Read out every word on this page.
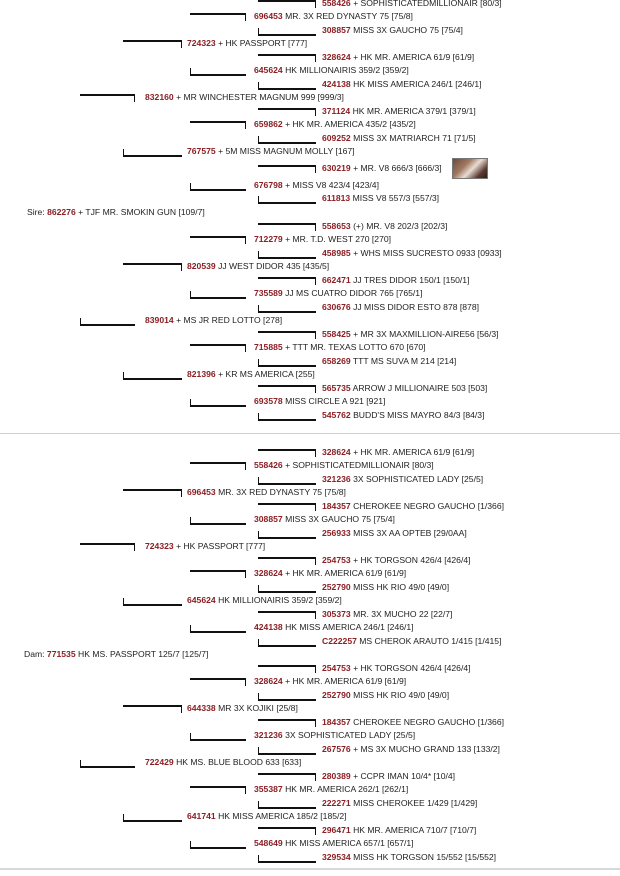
558426 + SOPHISTICATEDMILLIONAIR [80/3]
696453 MR. 3X RED DYNASTY 75 [75/8]
308857 MISS 3X GAUCHO 75 [75/4]
724323 + HK PASSPORT [777]
328624 + HK MR. AMERICA 61/9 [61/9]
645624 HK MILLIONAIRIS 359/2 [359/2]
424138 HK MISS AMERICA 246/1 [246/1]
832160 + MR WINCHESTER MAGNUM 999 [999/3]
371124 HK MR. AMERICA 379/1 [379/1]
659862 + HK MR. AMERICA 435/2 [435/2]
609252 MISS 3X MATRIARCH 71 [71/5]
767575 + 5M MISS MAGNUM MOLLY [167]
630219 + MR. V8 666/3 [666/3]
676798 + MISS V8 423/4 [423/4]
611813 MISS V8 557/3 [557/3]
Sire: 862276 + TJF MR. SMOKIN GUN [109/7]
558653 (+) MR. V8 202/3 [202/3]
712279 + MR. T.D. WEST 270 [270]
458985 + WHS MISS SUCRESTO 0933 [0933]
820539 JJ WEST DIDOR 435 [435/5]
662471 JJ TRES DIDOR 150/1 [150/1]
735589 JJ MS CUATRO DIDOR 765 [765/1]
630676 JJ MISS DIDOR ESTO 878 [878]
839014 + MS JR RED LOTTO [278]
558425 + MR 3X MAXMILLION-AIRE56 [56/3]
715885 + TTT MR. TEXAS LOTTO 670 [670]
658269 TTT MS SUVA M 214 [214]
821396 + KR MS AMERICA [255]
565735 ARROW J MILLIONAIRE 503 [503]
693578 MISS CIRCLE A 921 [921]
545762 BUDD'S MISS MAYRO 84/3 [84/3]
328624 + HK MR. AMERICA 61/9 [61/9]
558426 + SOPHISTICATEDMILLIONAIR [80/3]
321236 3X SOPHISTICATED LADY [25/5]
696453 MR. 3X RED DYNASTY 75 [75/8]
184357 CHEROKEE NEGRO GAUCHO [1/366]
308857 MISS 3X GAUCHO 75 [75/4]
256933 MISS 3X AA OPTEB [29/0AA]
724323 + HK PASSPORT [777]
254753 + HK TORGSON 426/4 [426/4]
328624 + HK MR. AMERICA 61/9 [61/9]
252790 MISS HK RIO 49/0 [49/0]
645624 HK MILLIONAIRIS 359/2 [359/2]
305373 MR. 3X MUCHO 22 [22/7]
424138 HK MISS AMERICA 246/1 [246/1]
C222257 MS CHEROK ARAUTO 1/415 [1/415]
Dam: 771535 HK MS. PASSPORT 125/7 [125/7]
254753 + HK TORGSON 426/4 [426/4]
328624 + HK MR. AMERICA 61/9 [61/9]
252790 MISS HK RIO 49/0 [49/0]
644338 MR 3X KOJIKI [25/8]
184357 CHEROKEE NEGRO GAUCHO [1/366]
321236 3X SOPHISTICATED LADY [25/5]
267576 + MS 3X MUCHO GRAND 133 [133/2]
722429 HK MS. BLUE BLOOD 633 [633]
280389 + CCPR IMAN 10/4* [10/4]
355387 HK MR. AMERICA 262/1 [262/1]
222271 MISS CHEROKEE 1/429 [1/429]
641741 HK MISS AMERICA 185/2 [185/2]
296471 HK MR. AMERICA 710/7 [710/7]
548649 HK MISS AMERICA 657/1 [657/1]
329534 MISS HK TORGSON 15/552 [15/552]
